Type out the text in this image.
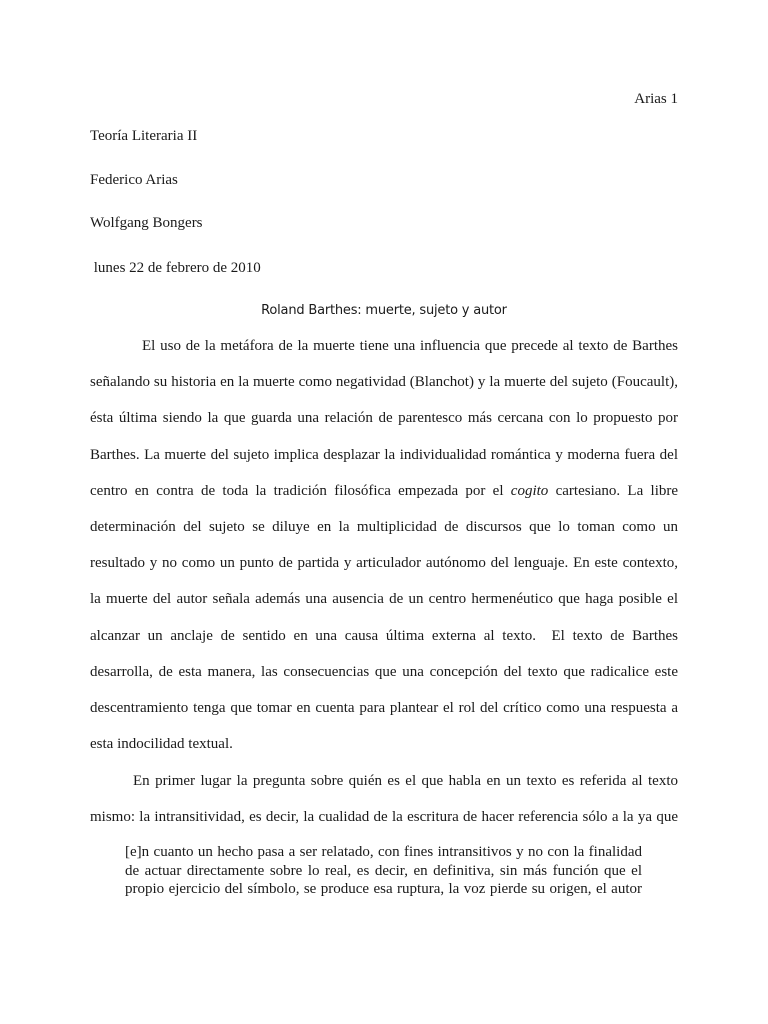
Arias 1
Teoría Literaria II
Federico Arias
Wolfgang Bongers
lunes 22 de febrero de 2010
Roland Barthes: muerte, sujeto y autor
El uso de la metáfora de la muerte tiene una influencia que precede al texto de Barthes
señalando su historia en la muerte como negatividad (Blanchot) y la muerte del sujeto (Foucault),
ésta última siendo la que guarda una relación de parentesco más cercana con lo propuesto por
Barthes. La muerte del sujeto implica desplazar la individualidad romántica y moderna fuera del
centro en contra de toda la tradición filosófica empezada por el cogito cartesiano. La libre
determinación del sujeto se diluye en la multiplicidad de discursos que lo toman como un
resultado y no como un punto de partida y articulador autónomo del lenguaje. En este contexto,
la muerte del autor señala además una ausencia de un centro hermenéutico que haga posible el
alcanzar un anclaje de sentido en una causa última externa al texto.  El texto de Barthes
desarrolla, de esta manera, las consecuencias que una concepción del texto que radicalice este
descentramiento tenga que tomar en cuenta para plantear el rol del crítico como una respuesta a
esta indocilidad textual.
En primer lugar la pregunta sobre quién es el que habla en un texto es referida al texto
mismo: la intransitividad, es decir, la cualidad de la escritura de hacer referencia sólo a la ya que
[e]n cuanto un hecho pasa a ser relatado, con fines intransitivos y no con la finalidad
de actuar directamente sobre lo real, es decir, en definitiva, sin más función que el
propio ejercicio del símbolo, se produce esa ruptura, la voz pierde su origen, el autor
